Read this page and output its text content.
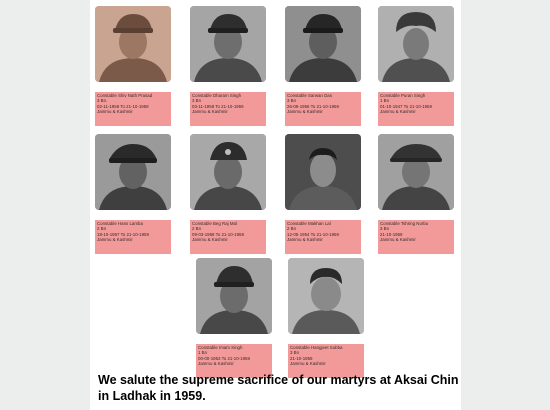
Constable Shiv Nath Prasad
3 Bn.
02-11-1958 To 21-10-1959
Jammu & Kashmir
Constable Dharam Singh
3 Bn
03-11-1958 To 21-10-1959
Jammu & Kashmir
Constable Sarwan Das
3 Bn
26-09-1956 To 21-10-1959
Jammu & Kashmir
Constable Puran Singh
1 Bn
01-10-1947 To 21-10-1959
Jammu & Kashmir
Constable Hans Lamba
2 Bn
18-10-1957 To 21-10-1959
Jammu & Kashmir
Constable Beg Raj Mal
2 Bn
09-03-1958 To 21-10-1959
Jammu & Kashmir
Constable Makhan Lal
2 Bn
12-05-1954 To 21-10-1959
Jammu & Kashmir
Constable Tshring Norbu
3 Bn
21-10-1959
Jammu & Kashmir
Constable Imam Singh
1 Bn
00-00-1953 To 21-10-1959
Jammu & Kashmir
Constable Hangjeet Subba
3 Bn
21-10-1959
Jammu & Kashmir
We salute the supreme sacrifice of our martyrs at Aksai Chin in Ladhak in 1959.
